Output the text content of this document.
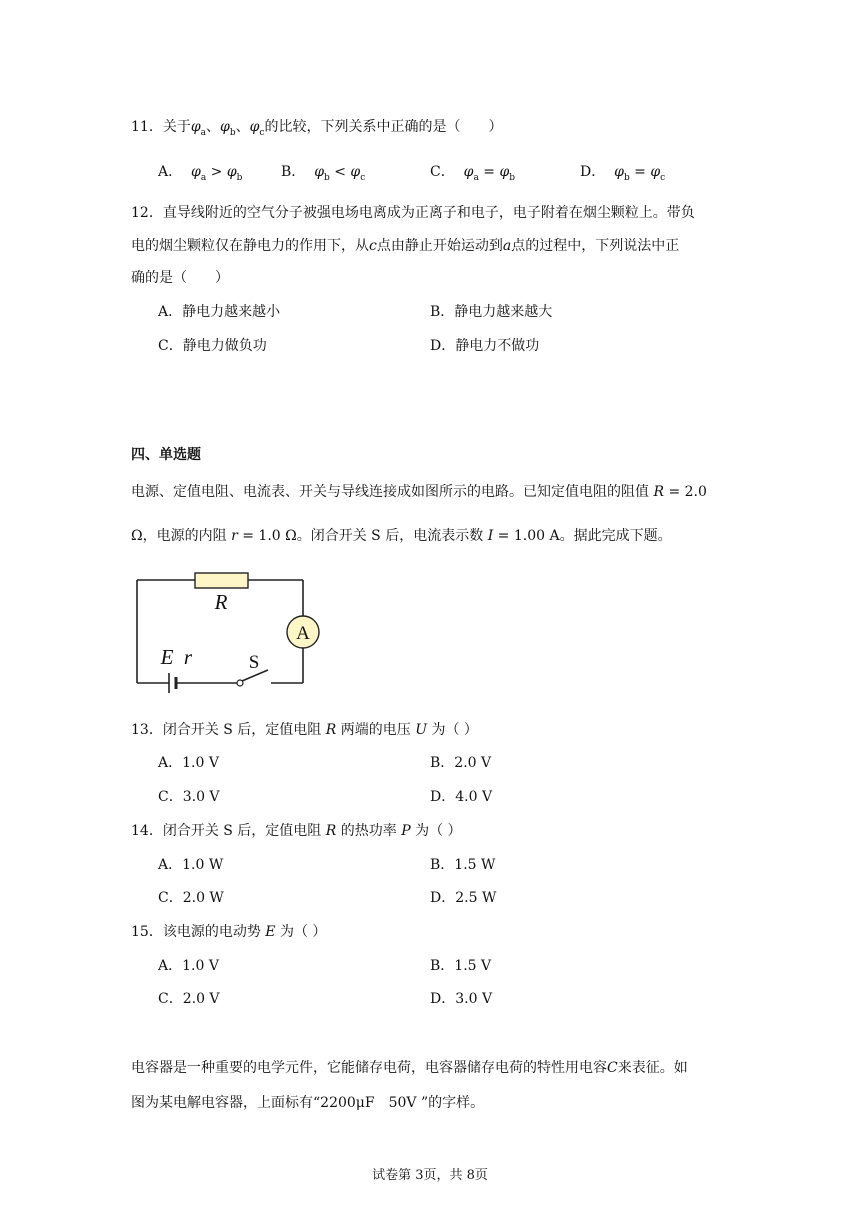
11．关于$\varphi_a$、$\varphi_b$、$\varphi_c$的比较，下列关系中正确的是（　　）
A． $\varphi_a > \varphi_b$	B． $\varphi_b < \varphi_c$	C． $\varphi_a = \varphi_b$	D． $\varphi_b = \varphi_c$
12．直导线附近的空气分子被强电场电离成为正离子和电子，电子附着在烟尘颗粒上。带负
电的烟尘颗粒仅在静电力的作用下，从c点由静止开始运动到a点的过程中，下列说法中正
确的是（　　）
A．静电力越来越小	B．静电力越来越大
C．静电力做负功	D．静电力不做功
四、单选题
电源、定值电阻、电流表、开关与导线连接成如图所示的电路。已知定值电阻的阻值 R = 2.0
Ω，电源的内阻 r = 1.0 Ω。闭合开关 S 后，电流表示数 I = 1.00 A。据此完成下题。
R
A
E r	S
13．闭合开关 S 后，定值电阻 R 两端的电压 U 为（ ）
A．1.0 V	B．2.0 V
C．3.0 V	D．4.0 V
14．闭合开关 S 后，定值电阻 R 的热功率 P 为（ ）
A．1.0 W	B．1.5 W
C．2.0 W	D．2.5 W
15．该电源的电动势 E 为（ ）
A．1.0 V	B．1.5 V
C．2.0 V	D．3.0 V
电容器是一种重要的电学元件，它能储存电荷，电容器储存电荷的特性用电容C来表征。如
图为某电解电容器，上面标有“2200μF　50V ”的字样。
试卷第 3页，共 8页
